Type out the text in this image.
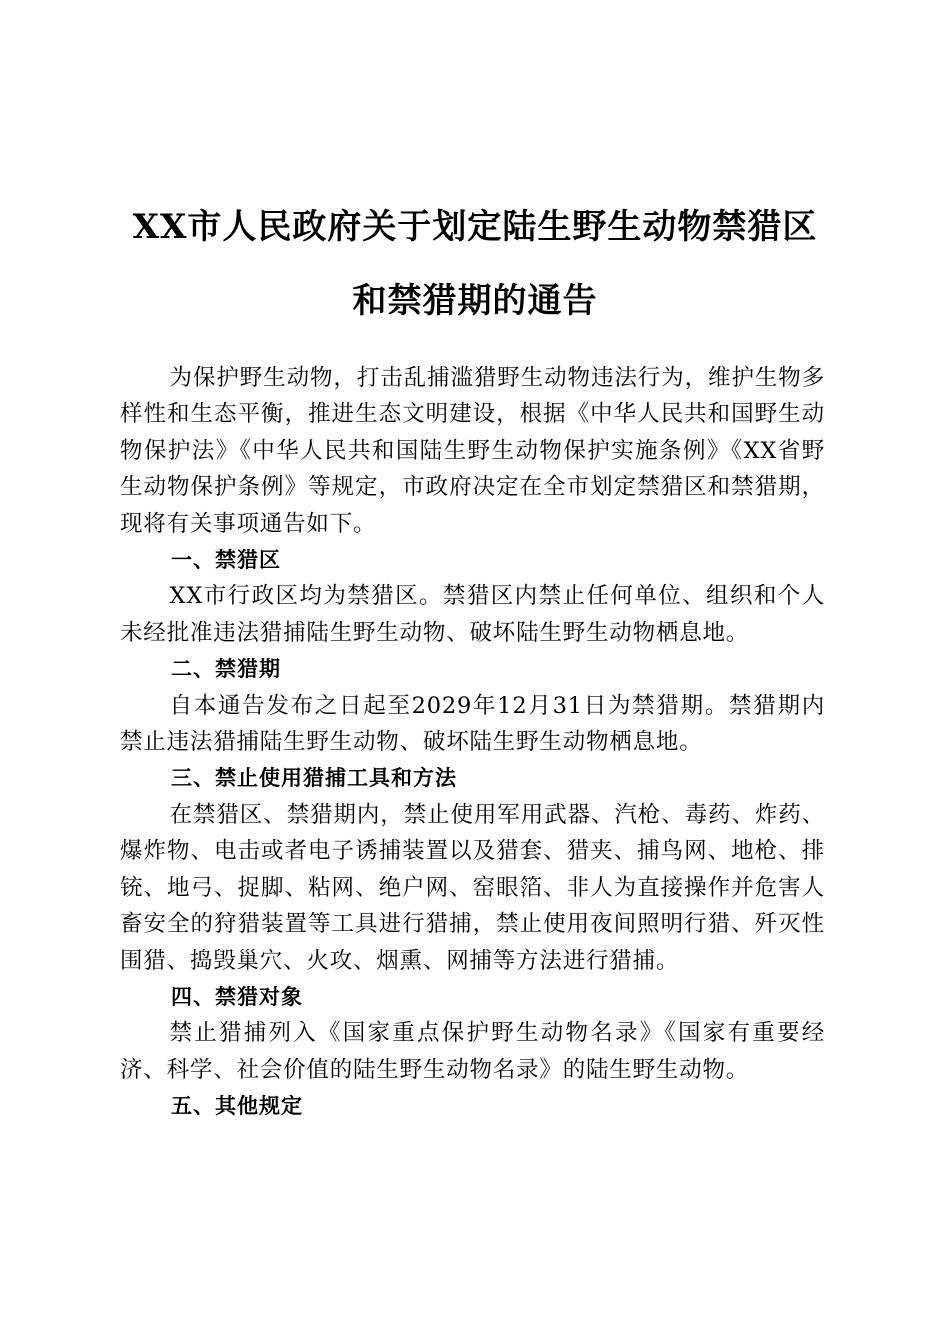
XX市人民政府关于划定陆生野生动物禁猎区
和禁猎期的通告

为保护野生动物，打击乱捕滥猎野生动物违法行为，维护生物多样性和生态平衡，推进生态文明建设，根据《中华人民共和国野生动物保护法》《中华人民共和国陆生野生动物保护实施条例》《XX省野生动物保护条例》等规定，市政府决定在全市划定禁猎区和禁猎期，现将有关事项通告如下。

一、禁猎区

XX市行政区均为禁猎区。禁猎区内禁止任何单位、组织和个人未经批准违法猎捕陆生野生动物、破坏陆生野生动物栖息地。

二、禁猎期

自本通告发布之日起至2029年12月31日为禁猎期。禁猎期内禁止违法猎捕陆生野生动物、破坏陆生野生动物栖息地。

三、禁止使用猎捕工具和方法

在禁猎区、禁猎期内，禁止使用军用武器、汽枪、毒药、炸药、爆炸物、电击或者电子诱捕装置以及猎套、猎夹、捕鸟网、地枪、排铳、地弓、捉脚、粘网、绝户网、窑眼箔、非人为直接操作并危害人畜安全的狩猎装置等工具进行猎捕，禁止使用夜间照明行猎、歼灭性围猎、捣毁巢穴、火攻、烟熏、网捕等方法进行猎捕。

四、禁猎对象

禁止猎捕列入《国家重点保护野生动物名录》《国家有重要经济、科学、社会价值的陆生野生动物名录》的陆生野生动物。

五、其他规定
